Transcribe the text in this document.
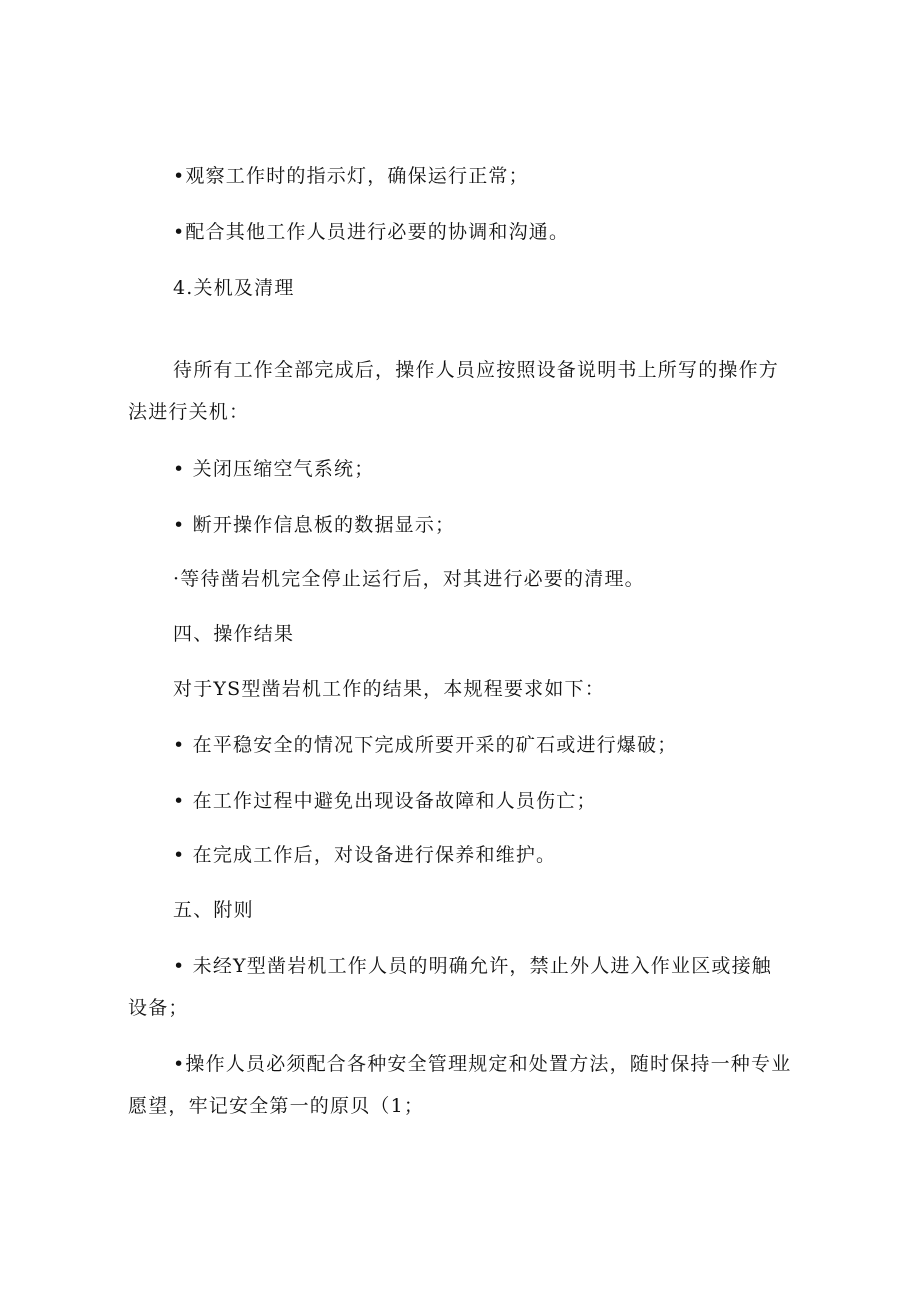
•观察工作时的指示灯，确保运行正常；
•配合其他工作人员进行必要的协调和沟通。
4.关机及清理
待所有工作全部完成后，操作人员应按照设备说明书上所写的操作方
法进行关机：
• 关闭压缩空气系统；
• 断开操作信息板的数据显示；
·等待凿岩机完全停止运行后，对其进行必要的清理。
四、操作结果
对于YS型凿岩机工作的结果，本规程要求如下：
• 在平稳安全的情况下完成所要开采的矿石或进行爆破；
• 在工作过程中避免出现设备故障和人员伤亡；
• 在完成工作后，对设备进行保养和维护。
五、附则
• 未经Y型凿岩机工作人员的明确允许，禁止外人进入作业区或接触
设备；
•操作人员必须配合各种安全管理规定和处置方法，随时保持一种专业
愿望，牢记安全第一的原贝（1；
